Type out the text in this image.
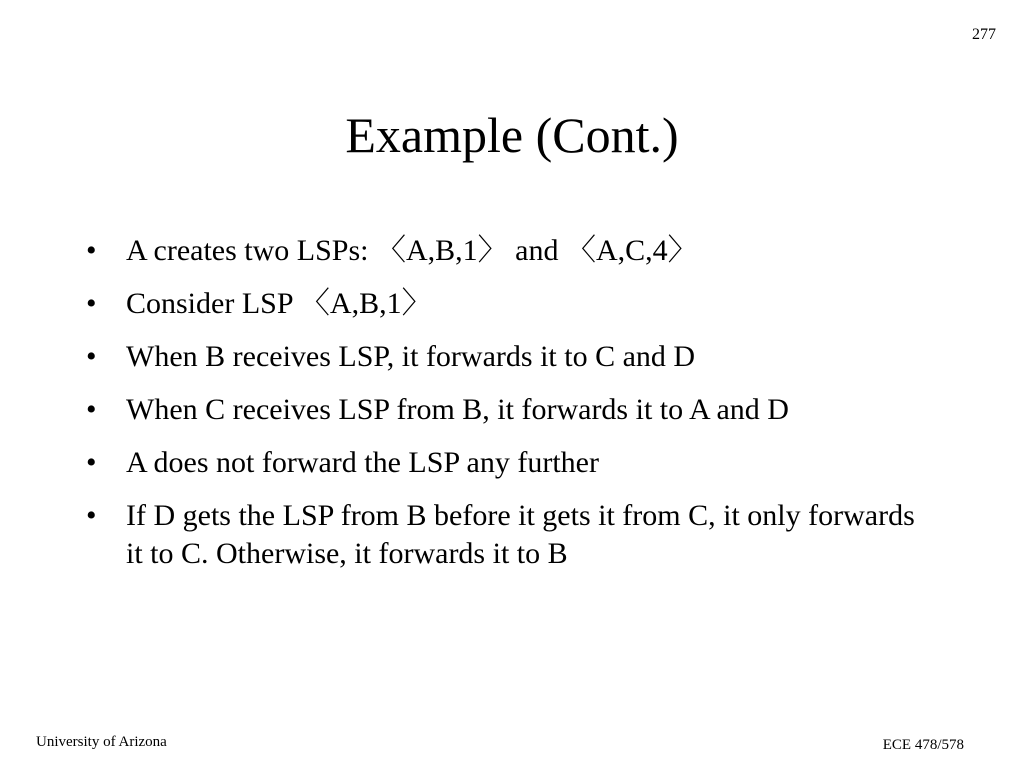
277
Example (Cont.)
• A creates two LSPs: 〈A,B,1〉 and 〈A,C,4〉
• Consider LSP 〈A,B,1〉
• When B receives LSP, it forwards it to C and D
• When C receives LSP from B, it forwards it to A and D
• A does not forward the LSP any further
• If D gets the LSP from B before it gets it from C, it only forwards it to C. Otherwise, it forwards it to B
University of Arizona	ECE 478/578
